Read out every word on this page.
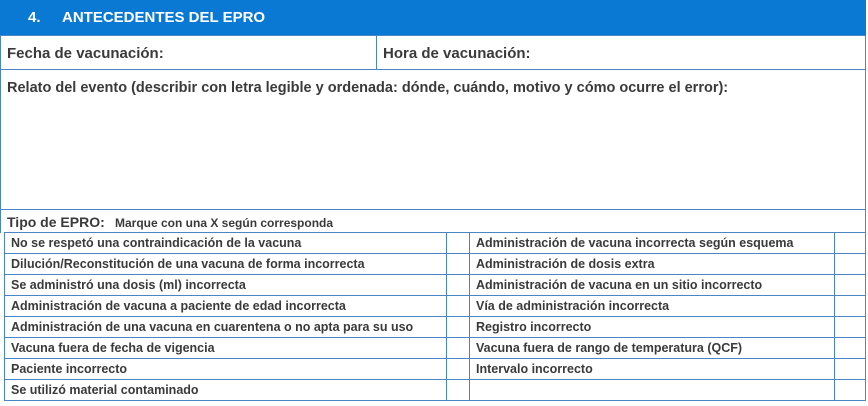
4. ANTECEDENTES DEL EPRO
Fecha de vacunación:	Hora de vacunación:
Relato del evento (describir con letra legible y ordenada: dónde, cuándo, motivo y cómo ocurre el error):
Tipo de EPRO: Marque con una X según corresponda
No se respetó una contraindicación de la vacuna	Administración de vacuna incorrecta según esquema
Dilución/Reconstitución de una vacuna de forma incorrecta	Administración de dosis extra
Se administró una dosis (ml) incorrecta	Administración de vacuna en un sitio incorrecto
Administración de vacuna a paciente de edad incorrecta	Vía de administración incorrecta
Administración de una vacuna en cuarentena o no apta para su uso	Registro incorrecto
Vacuna fuera de fecha de vigencia	Vacuna fuera de rango de temperatura (QCF)
Paciente incorrecto	Intervalo incorrecto
Se utilizó material contaminado
